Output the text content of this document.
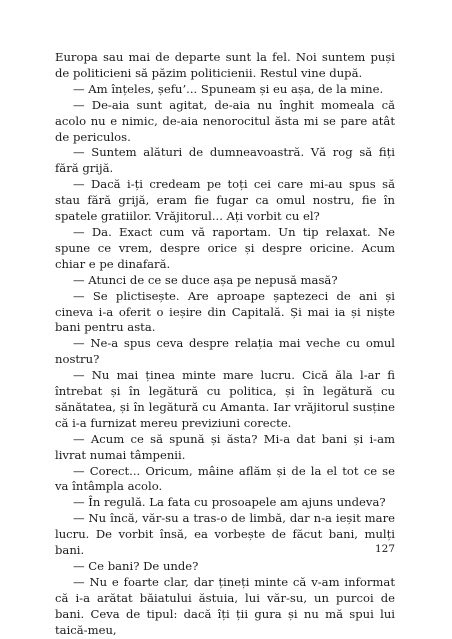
Europa sau mai de departe sunt la fel. Noi suntem puși de politicieni să păzim politicienii. Restul vine după.

— Am înțeles, șefu’... Spuneam și eu așa, de la mine.

— De-aia sunt agitat, de-aia nu înghit momeala că acolo nu e nimic, de-aia nenorocitul ăsta mi se pare atât de periculos.

— Suntem alături de dumneavoastră. Vă rog să fiți fără grijă.

— Dacă i-ți credeam pe toți cei care mi-au spus să stau fără grijă, eram fie fugar ca omul nostru, fie în spatele gratiilor. Vrăjitorul... Ați vorbit cu el?

— Da. Exact cum vă raportam. Un tip relaxat. Ne spune ce vrem, despre orice și despre oricine. Acum chiar e pe dinafară.

— Atunci de ce se duce așa pe nepusă masă?

— Se plictisește. Are aproape șaptezeci de ani și cineva i-a oferit o ieșire din Capitală. Și mai ia și niște bani pentru asta.

— Ne-a spus ceva despre relația mai veche cu omul nostru?

— Nu mai ținea minte mare lucru. Cică ăla l-ar fi întrebat și în legătură cu politica, și în legătură cu sănătatea, și în legătură cu Amanta. Iar vrăjitorul susține că i-a furnizat mereu previziuni corecte.

— Acum ce să spună și ăsta? Mi-a dat bani și i-am livrat numai tâmpenii.

— Corect... Oricum, mâine aflăm și de la el tot ce se va întâmpla acolo.

— În regulă. La fata cu prosoapele am ajuns undeva?

— Nu încă, văr-su a tras-o de limbă, dar n-a ieșit mare lucru. De vorbit însă, ea vorbește de făcut bani, mulți bani.

— Ce bani? De unde?

— Nu e foarte clar, dar țineți minte că v-am informat că i-a arătat băiatului ăstuia, lui văr-su, un purcoi de bani. Ceva de tipul: dacă îți ții gura și nu mă spui lui taică-meu,

127
